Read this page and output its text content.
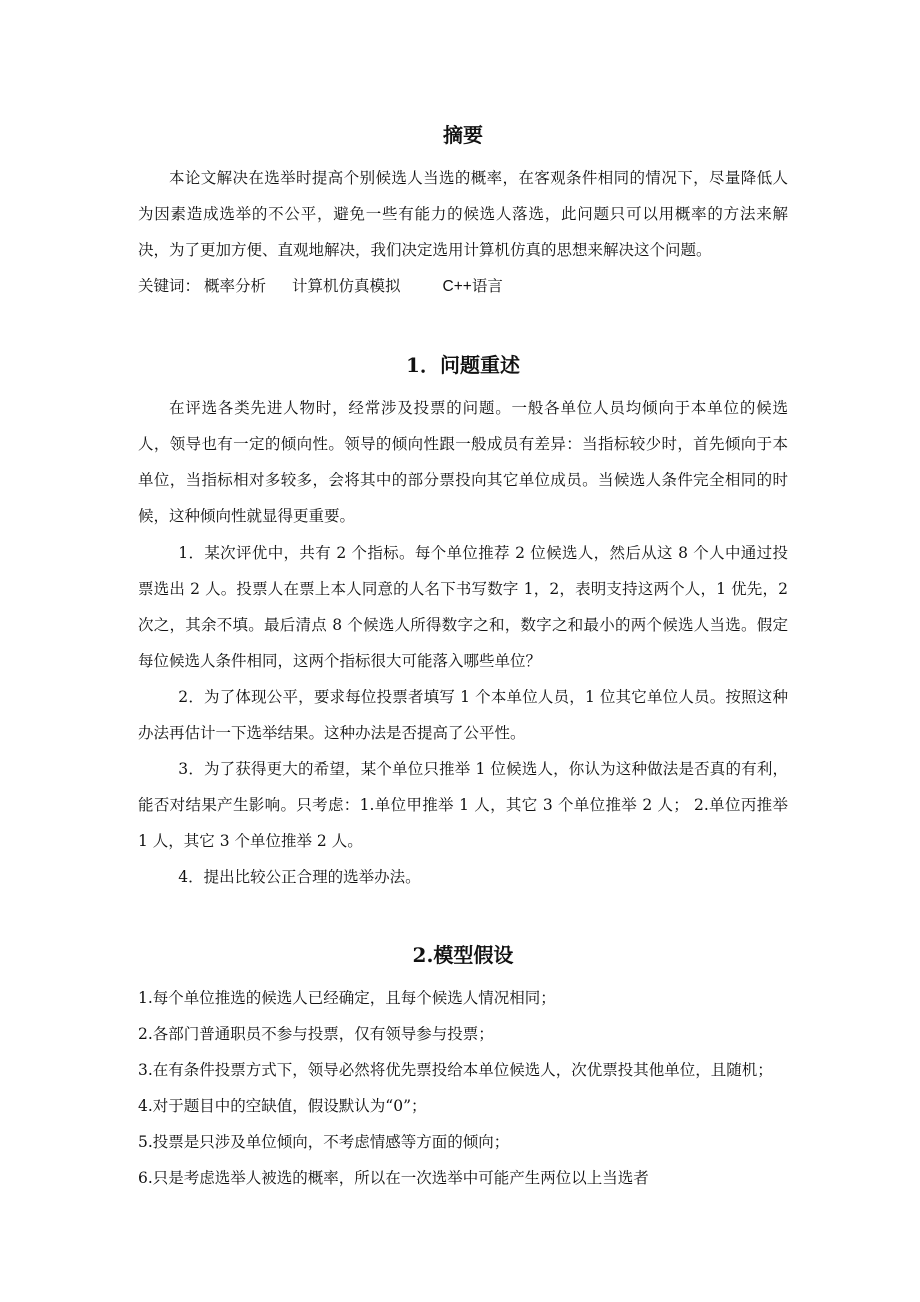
摘要

本论文解决在选举时提高个别候选人当选的概率，在客观条件相同的情况下，尽量降低人为因素造成选举的不公平，避免一些有能力的候选人落选，此问题只可以用概率的方法来解决，为了更加方便、直观地解决，我们决定选用计算机仿真的思想来解决这个问题。

关键词： 概率分析 计算机仿真模拟	C++语言

1．问题重述

在评选各类先进人物时，经常涉及投票的问题。一般各单位人员均倾向于本单位的候选人，领导也有一定的倾向性。领导的倾向性跟一般成员有差异：当指标较少时，首先倾向于本单位，当指标相对多较多，会将其中的部分票投向其它单位成员。当候选人条件完全相同的时候，这种倾向性就显得更重要。

1．某次评优中，共有 2 个指标。每个单位推荐 2 位候选人，然后从这 8 个人中通过投票选出 2 人。投票人在票上本人同意的人名下书写数字 1，2，表明支持这两个人，1 优先，2 次之，其余不填。最后清点 8 个候选人所得数字之和，数字之和最小的两个候选人当选。假定每位候选人条件相同，这两个指标很大可能落入哪些单位？

2．为了体现公平，要求每位投票者填写 1 个本单位人员，1 位其它单位人员。按照这种办法再估计一下选举结果。这种办法是否提高了公平性。

3．为了获得更大的希望，某个单位只推举 1 位候选人，你认为这种做法是否真的有利，能否对结果产生影响。只考虑：1.单位甲推举 1 人，其它 3 个单位推举 2 人； 2.单位丙推举 1 人，其它 3 个单位推举 2 人。

4．提出比较公正合理的选举办法。

2.模型假设

1.每个单位推选的候选人已经确定，且每个候选人情况相同；

2.各部门普通职员不参与投票，仅有领导参与投票；

3.在有条件投票方式下，领导必然将优先票投给本单位候选人，次优票投其他单位，且随机；

4.对于题目中的空缺值，假设默认为“0”；

5.投票是只涉及单位倾向，不考虑情感等方面的倾向；

6.只是考虑选举人被选的概率，所以在一次选举中可能产生两位以上当选者
